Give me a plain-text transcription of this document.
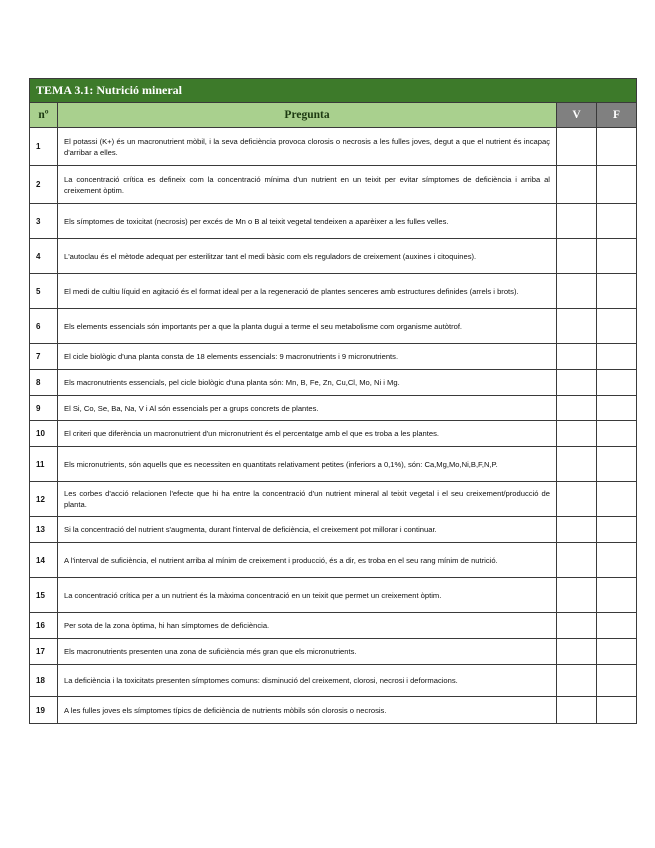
TEMA 3.1: Nutrició mineral			
nº	Pregunta	V	F
1	El potassi (K+) és un macronutrient mòbil, i la seva deficiència provoca clorosis o necrosis a les fulles joves, degut a que el nutrient és incapaç d'arribar a elles.		
2	La concentració crítica es defineix com la concentració mínima d'un nutrient en un teixit per evitar símptomes de deficiència i arriba al creixement òptim.		
3	Els símptomes de toxicitat (necrosis) per excés de Mn o B al teixit vegetal tendeixen a aparèixer a les fulles velles.		
4	L'autoclau és el mètode adequat per esterilitzar tant el medi bàsic com els reguladors de creixement (auxines i citoquines).		
5	El medi de cultiu líquid en agitació és el format ideal per a la regeneració de plantes senceres amb estructures definides (arrels i brots).		
6	Els elements essencials són importants per a que la planta dugui a terme el seu metabolisme com organisme autòtrof.		
7	El cicle biològic d'una planta consta de 18 elements essencials: 9 macronutrients i 9 micronutrients.		
8	Els macronutrients essencials, pel cicle biològic d'una planta són: Mn, B, Fe, Zn, Cu,Cl, Mo, Ni i Mg.		
9	El Si, Co, Se, Ba, Na, V i Al són essencials per a grups concrets de plantes.		
10	El criteri que diferència un macronutrient d'un micronutrient és el percentatge amb el que es troba a les plantes.		
11	Els micronutrients, són aquells que es necessiten en quantitats relativament petites (inferiors a 0,1%), són: Ca,Mg,Mo,Ni,B,F,N,P.		
12	Les corbes d'acció relacionen l'efecte que hi ha entre la concentració d'un nutrient mineral al teixit vegetal i el seu creixement/producció de planta.		
13	Si la concentració del nutrient s'augmenta, durant l'interval de deficiència, el creixement pot millorar i continuar.		
14	A l'interval de suficiència, el nutrient arriba al mínim de creixement i producció, és a dir, es troba en el seu rang mínim de nutrició.		
15	La concentració crítica per a un nutrient és la màxima concentració en un teixit que permet un creixement òptim.		
16	Per sota de la zona òptima, hi han símptomes de deficiència.		
17	Els macronutrients presenten una zona de suficiència més gran que els micronutrients.		
18	La deficiència i la toxicitats presenten símptomes comuns: disminució del creixement, clorosi, necrosi i deformacions.		
19	A les fulles joves els símptomes típics de deficiència de nutrients mòbils són clorosis o necrosis.		
